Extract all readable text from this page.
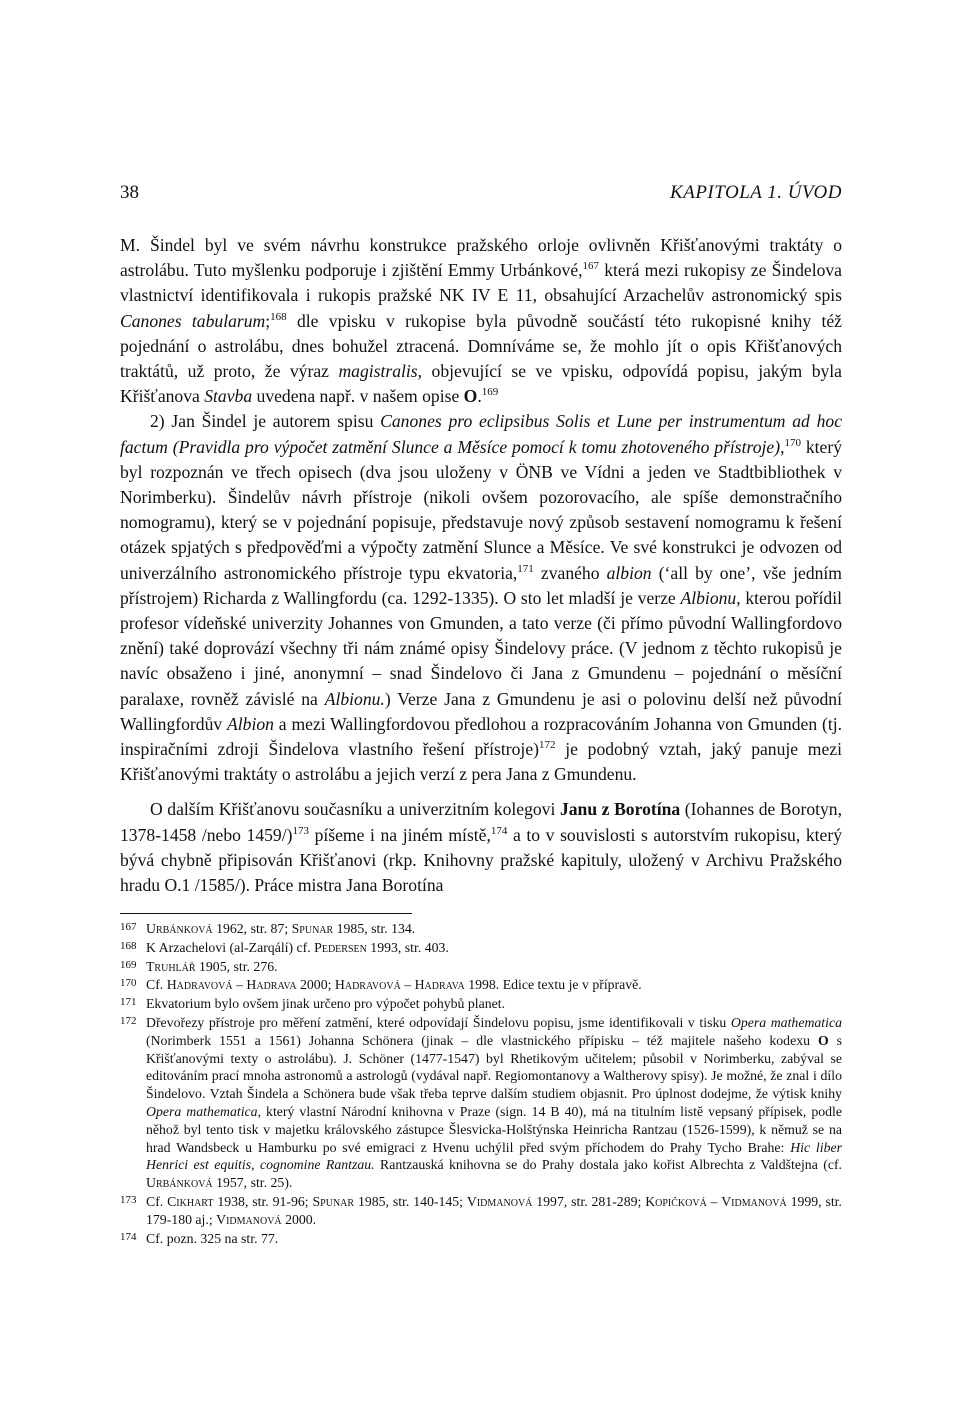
38	KAPITOLA 1. ÚVOD

M. Šindel byl ve svém návrhu konstrukce pražského orloje ovlivněn Křišťanovými traktáty o astrolábu. Tuto myšlenku podporuje i zjištění Emmy Urbánkové,$^{167}$ která mezi rukopisy ze Šindelova vlastnictví identifikovala i rukopis pražské NK IV E 11, obsahující Arzachelův astronomický spis Canones tabularum;$^{168}$ dle vpisku v rukopise byla původně součástí této rukopisné knihy též pojednání o astrolábu, dnes bohužel ztracená. Domníváme se, že mohlo jít o opis Křišťanových traktátů, už proto, že výraz magistralis, objevující se ve vpisku, odpovídá popisu, jakým byla Křišťanova Stavba uvedena např. v našem opise O.$^{169}$

2) Jan Šindel je autorem spisu Canones pro eclipsibus Solis et Lune per instrumentum ad hoc factum (Pravidla pro výpočet zatmění Slunce a Měsíce pomocí k tomu zhotoveného přístroje),$^{170}$ který byl rozpoznán ve třech opisech (dva jsou uloženy v ÖNB ve Vídni a jeden ve Stadtbibliothek v Norimberku). Šindelův návrh přístroje (nikoli ovšem pozorovacího, ale spíše demonstračního nomogramu), který se v pojednání popisuje, představuje nový způsob sestavení nomogramu k řešení otázek spjatých s předpověďmi a výpočty zatmění Slunce a Měsíce. Ve své konstrukci je odvozen od univerzálního astronomického přístroje typu ekvatoria,$^{171}$ zvaného albion (‘all by one’, vše jedním přístrojem) Richarda z Wallingfordu (ca. 1292-1335). O sto let mladší je verze Albionu, kterou pořídil profesor vídeňské univerzity Johannes von Gmunden, a tato verze (či přímo původní Wallingfordovo znění) také doprovází všechny tři nám známé opisy Šindelovy práce. (V jednom z těchto rukopisů je navíc obsaženo i jiné, anonymní – snad Šindelovo či Jana z Gmundenu – pojednání o měsíční paralaxe, rovněž závislé na Albionu.) Verze Jana z Gmundenu je asi o polovinu delší než původní Wallingfordův Albion a mezi Wallingfordovou předlohou a rozpracováním Johanna von Gmunden (tj. inspiračními zdroji Šindelova vlastního řešení přístroje)$^{172}$ je podobný vztah, jaký panuje mezi Křišťanovými traktáty o astrolábu a jejich verzí z pera Jana z Gmundenu.

O dalším Křišťanovu současníku a univerzitním kolegovi Janu z Borotína (Iohannes de Borotyn, 1378-1458 /nebo 1459/)$^{173}$ píšeme i na jiném místě,$^{174}$ a to v souvislosti s autorstvím rukopisu, který bývá chybně připisován Křišťanovi (rkp. Knihovny pražské kapituly, uložený v Archivu Pražského hradu O.1 /1585/). Práce mistra Jana Borotína

167 Urbánková 1962, str. 87; Spunar 1985, str. 134.

168 K Arzachelovi (al-Zarqálí) cf. Pedersen 1993, str. 403.

169 Truhlář 1905, str. 276.

170 Cf. Hadravová – Hadrava 2000; Hadravová – Hadrava 1998. Edice textu je v přípravě.

171 Ekvatorium bylo ovšem jinak určeno pro výpočet pohybů planet.

172 Dřevořezy přístroje pro měření zatmění, které odpovídají Šindelovu popisu, jsme identifikovali v tisku Opera mathematica (Norimberk 1551 a 1561) Johanna Schönera (jinak – dle vlastnického přípisku – též majitele našeho kodexu O s Křišťanovými texty o astrolábu). J. Schöner (1477-1547) byl Rhetikovým učitelem; působil v Norimberku, zabýval se editováním prací mnoha astronomů a astrologů (vydával např. Regiomontanovy a Waltherovy spisy). Je možné, že znal i dílo Šindelovo. Vztah Šindela a Schönera bude však třeba teprve dalším studiem objasnit. Pro úplnost dodejme, že výtisk knihy Opera mathematica, který vlastní Národní knihovna v Praze (sign. 14 B 40), má na titulním listě vepsaný přípisek, podle něhož byl tento tisk v majetku královského zástupce Šlesvicka-Holštýnska Heinricha Rantzau (1526-1599), k němuž se na hrad Wandsbeck u Hamburku po své emigraci z Hvenu uchýlil před svým příchodem do Prahy Tycho Brahe: Hic liber Henrici est equitis, cognomine Rantzau. Rantzauská knihovna se do Prahy dostala jako kořist Albrechta z Valdštejna (cf. Urbánková 1957, str. 25).

173 Cf. Cikhart 1938, str. 91-96; Spunar 1985, str. 140-145; Vidmanová 1997, str. 281-289; Kopičková – Vidmanová 1999, str. 179-180 aj.; Vidmanová 2000.

174 Cf. pozn. 325 na str. 77.
